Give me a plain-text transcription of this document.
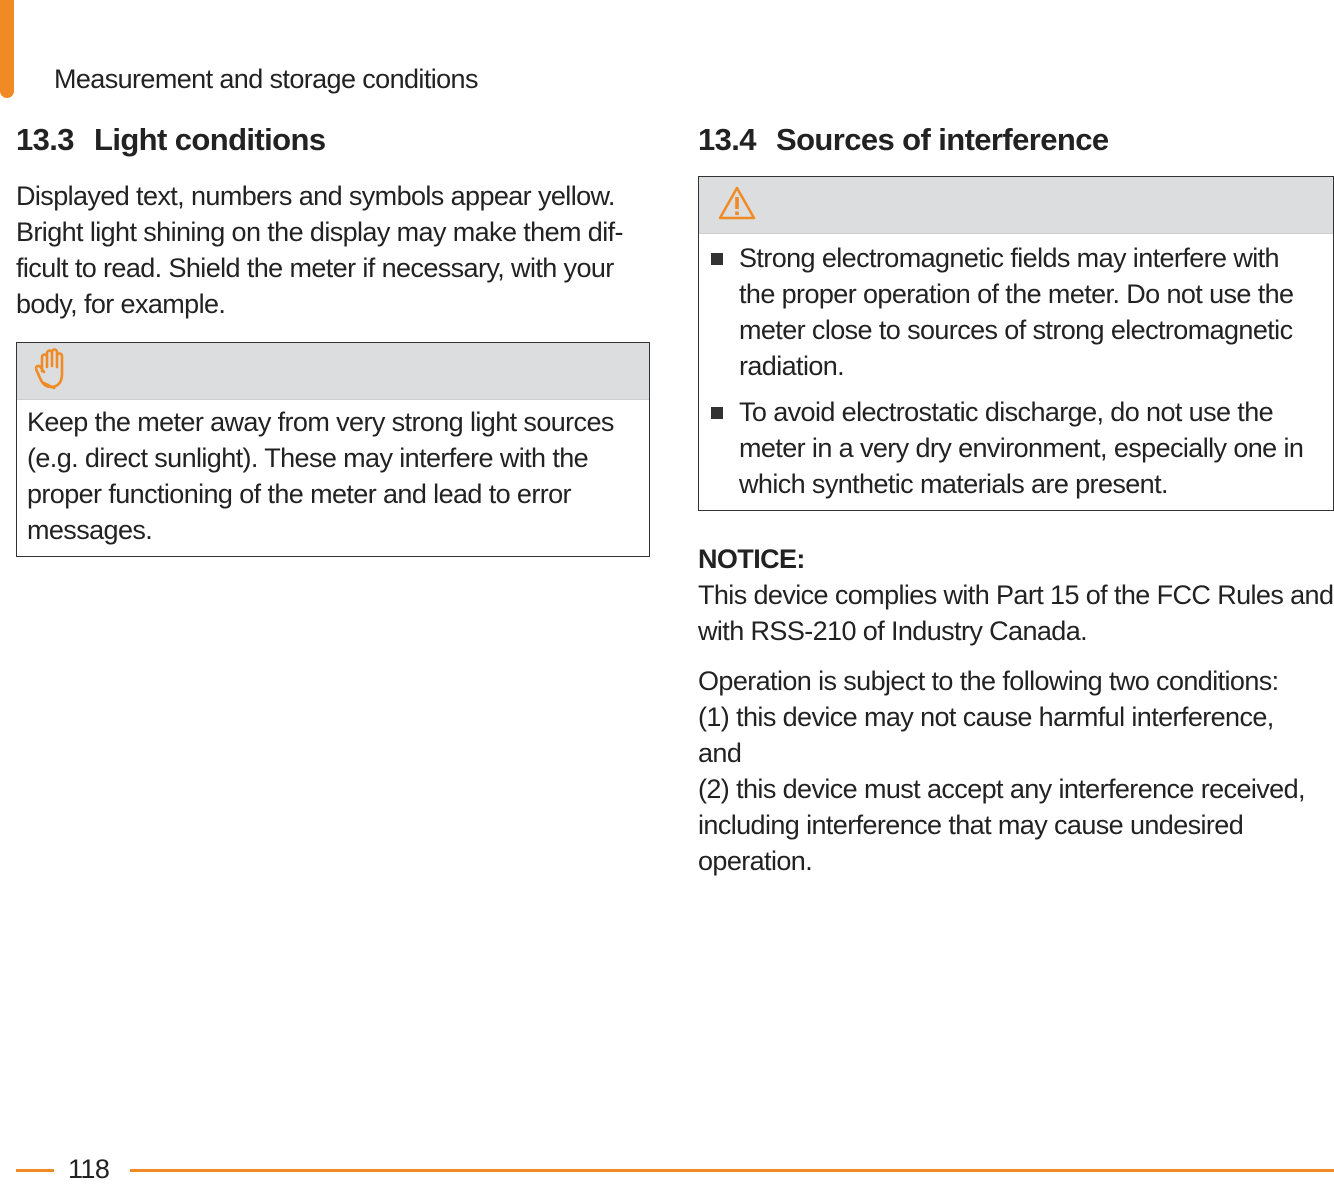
Measurement and storage conditions
13.3 Light conditions

Displayed text, numbers and symbols appear yellow.
Bright light shining on the display may make them dif-
ficult to read. Shield the meter if necessary, with your
body, for example.

Keep the meter away from very strong light sources
(e.g. direct sunlight). These may interfere with the
proper functioning of the meter and lead to error
messages.
13.4 Sources of interference
Strong electromagnetic fields may interfere with
the proper operation of the meter. Do not use the
meter close to sources of strong electromagnetic
radiation.
To avoid electrostatic discharge, do not use the
meter in a very dry environment, especially one in
which synthetic materials are present.

NOTICE:

This device complies with Part 15 of the FCC Rules and
with RSS-210 of Industry Canada.

Operation is subject to the following two conditions:
(1) this device may not cause harmful interference,
and
(2) this device must accept any interference received,
including interference that may cause undesired
operation.

118
